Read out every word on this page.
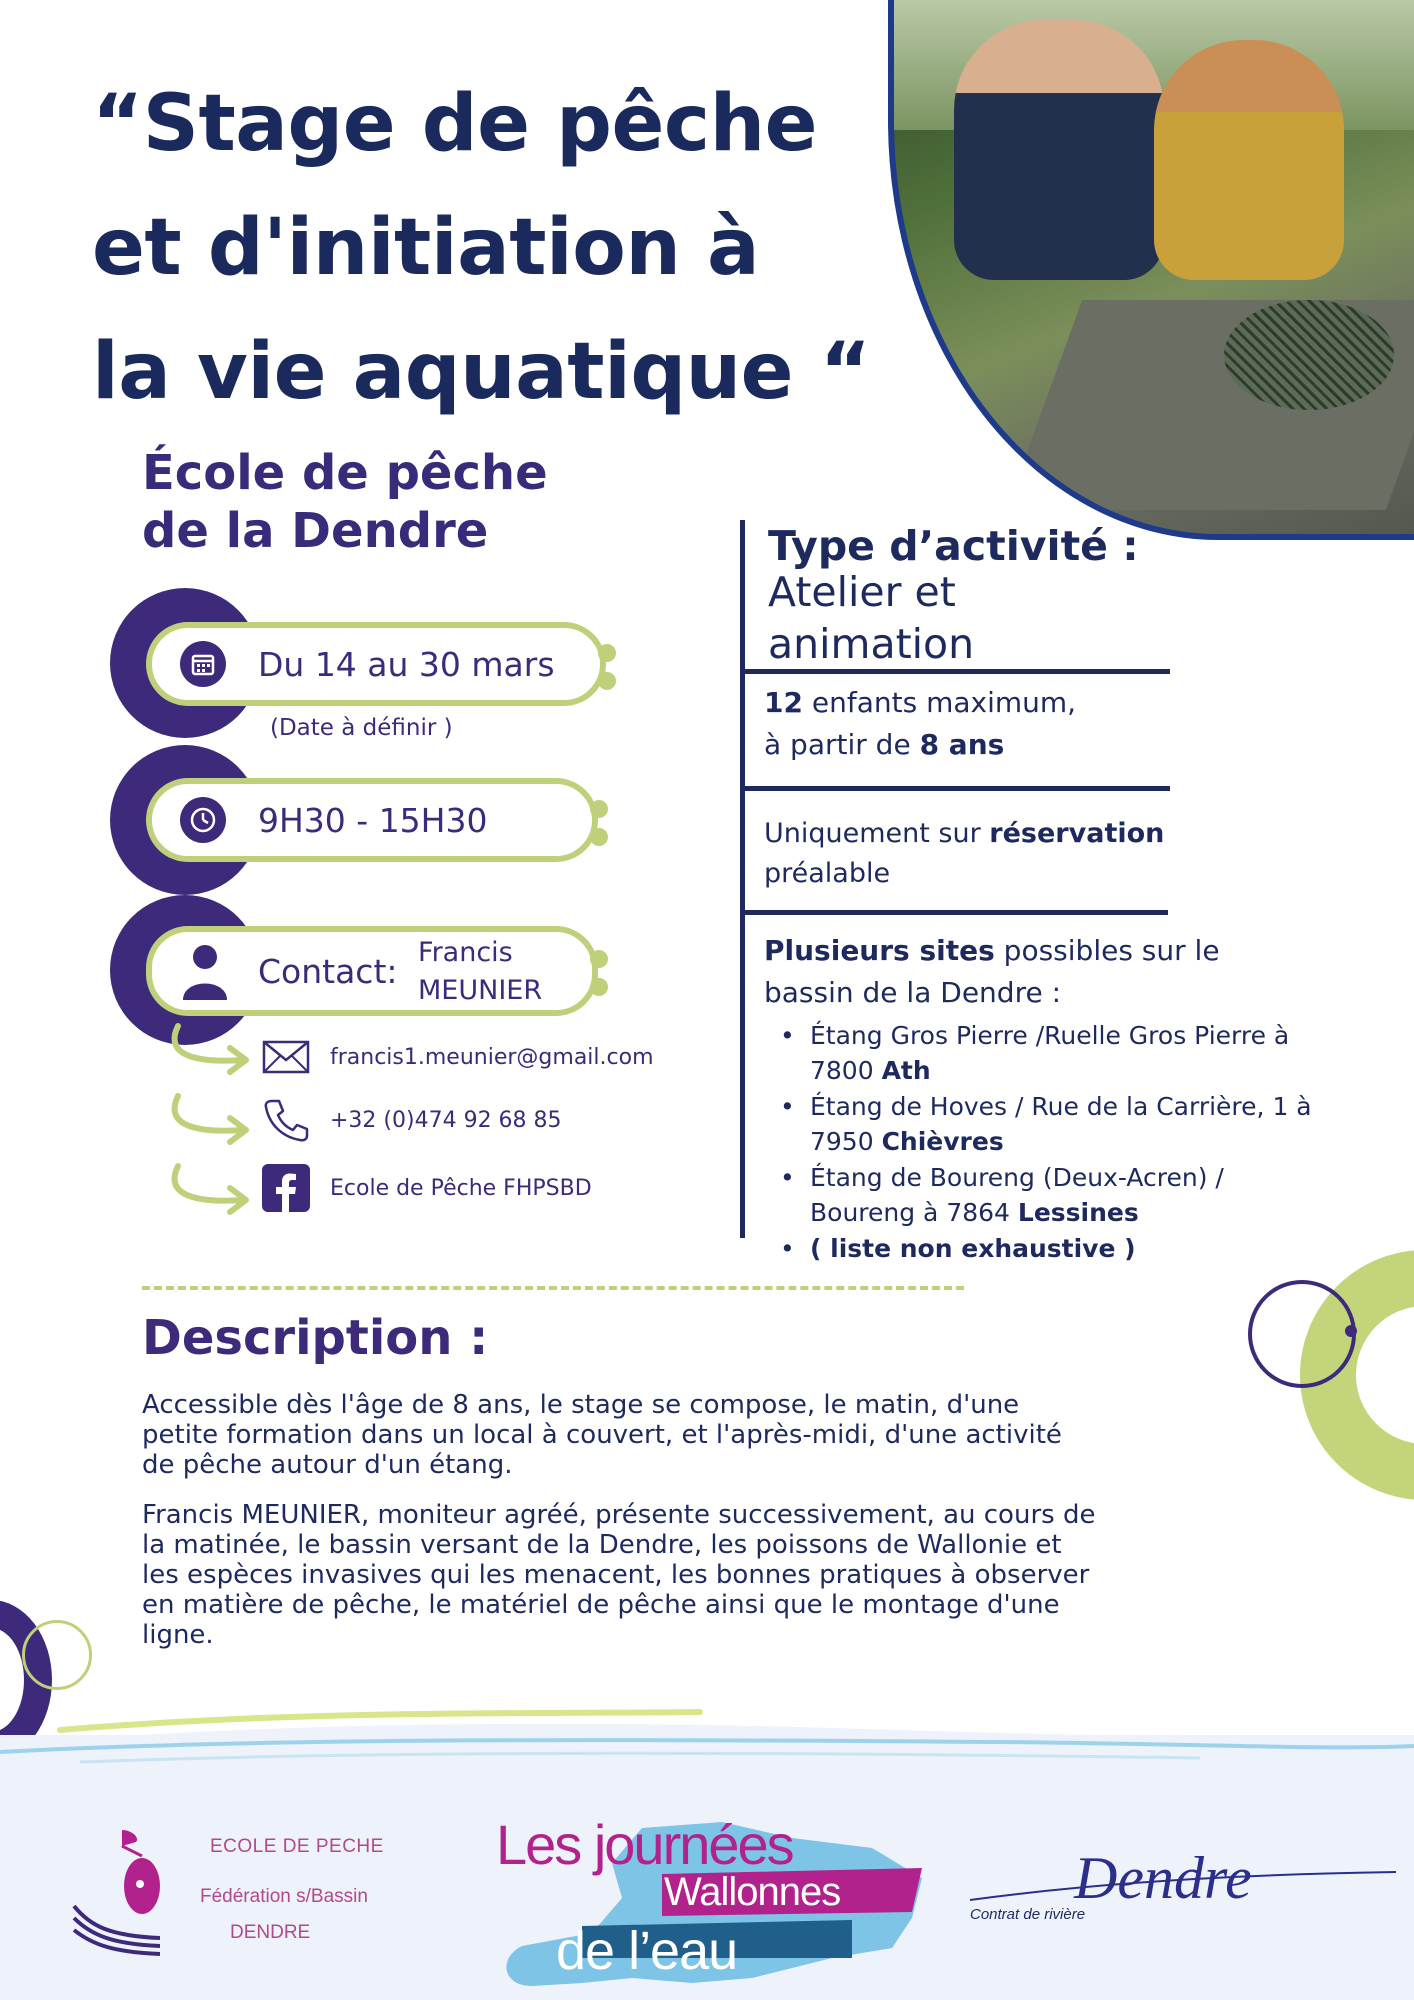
“Stage de pêche
et d'initiation à
la vie aquatique “
École de pêche
de la Dendre
Du 14 au 30 mars
(Date à définir )
9H30 - 15H30
Contact: Francis
MEUNIER
francis1.meunier@gmail.com
+32 (0)474 92 68 85
Ecole de Pêche FHPSBD
Type d’activité :
Atelier et
animation
12 enfants maximum,
à partir de 8 ans
Uniquement sur réservation
préalable
Plusieurs sites possibles sur le
bassin de la Dendre :
• Étang Gros Pierre /Ruelle Gros Pierre à
7800 Ath
• Étang de Hoves / Rue de la Carrière, 1 à
7950 Chièvres
• Étang de Boureng (Deux-Acren) /
Boureng à 7864 Lessines
• ( liste non exhaustive )
Description :
Accessible dès l'âge de 8 ans, le stage se compose, le matin, d'une
petite formation dans un local à couvert, et l'après-midi, d'une activité
de pêche autour d'un étang.
Francis MEUNIER, moniteur agréé, présente successivement, au cours de
la matinée, le bassin versant de la Dendre, les poissons de Wallonie et
les espèces invasives qui les menacent, les bonnes pratiques à observer
en matière de pêche, le matériel de pêche ainsi que le montage d'une
ligne.
ECOLE DE PECHE
Fédération s/Bassin
DENDRE
Les journées
Wallonnes
de l’eau
Dendre
Contrat de rivière
